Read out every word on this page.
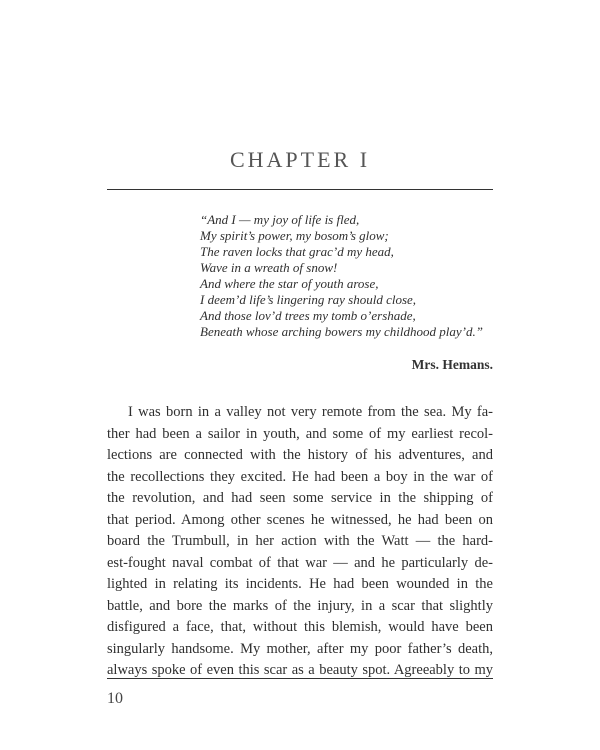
CHAPTER I
“And I — my joy of life is fled,
My spirit’s power, my bosom’s glow;
The raven locks that grac’d my head,
Wave in a wreath of snow!
And where the star of youth arose,
I deem’d life’s lingering ray should close,
And those lov’d trees my tomb o’ershade,
Beneath whose arching bowers my childhood play’d.”
Mrs. Hemans.
I was born in a valley not very remote from the sea. My fa-
ther had been a sailor in youth, and some of my earliest recol-
lections are connected with the history of his adventures, and
the recollections they excited. He had been a boy in the war of
the revolution, and had seen some service in the shipping of
that period. Among other scenes he witnessed, he had been on
board the Trumbull, in her action with the Watt — the hard-
est-fought naval combat of that war — and he particularly de-
lighted in relating its incidents. He had been wounded in the
battle, and bore the marks of the injury, in a scar that slightly
disfigured a face, that, without this blemish, would have been
singularly handsome. My mother, after my poor father’s death,
always spoke of even this scar as a beauty spot. Agreeably to my
10
